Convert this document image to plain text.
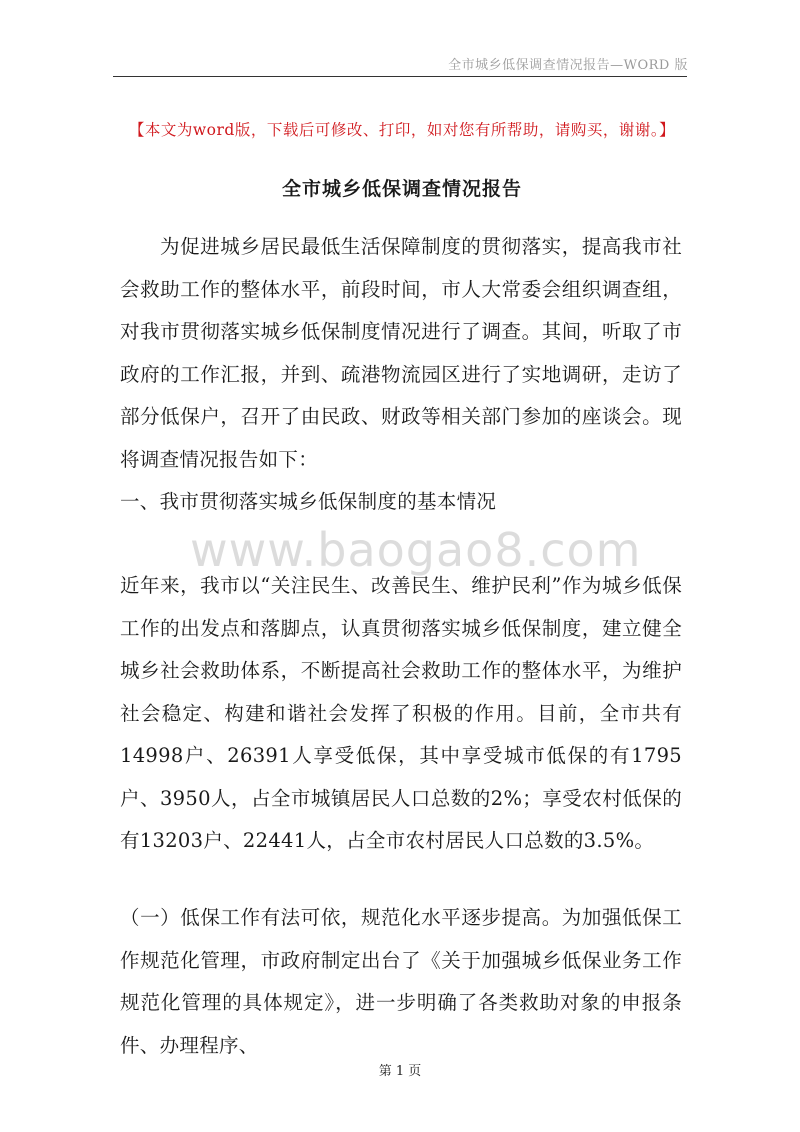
全市城乡低保调查情况报告—WORD 版
【本文为word版，下载后可修改、打印，如对您有所帮助，请购买，谢谢。】
全市城乡低保调查情况报告

为促进城乡居民最低生活保障制度的贯彻落实，提高我市社会救助工作的整体水平，前段时间，市人大常委会组织调查组，对我市贯彻落实城乡低保制度情况进行了调查。其间，听取了市政府的工作汇报，并到、疏港物流园区进行了实地调研，走访了部分低保户，召开了由民政、财政等相关部门参加的座谈会。现将调查情况报告如下：

一、我市贯彻落实城乡低保制度的基本情况

www.baogao8.com

近年来，我市以“关注民生、改善民生、维护民利”作为城乡低保工作的出发点和落脚点，认真贯彻落实城乡低保制度，建立健全城乡社会救助体系，不断提高社会救助工作的整体水平，为维护社会稳定、构建和谐社会发挥了积极的作用。目前，全市共有14998户、26391人享受低保，其中享受城市低保的有1795户、3950人，占全市城镇居民人口总数的2%；享受农村低保的有13203户、22441人，占全市农村居民人口总数的3.5%。

（一）低保工作有法可依，规范化水平逐步提高。为加强低保工作规范化管理，市政府制定出台了《关于加强城乡低保业务工作规范化管理的具体规定》，进一步明确了各类救助对象的申报条件、办理程序、

第 1 页
